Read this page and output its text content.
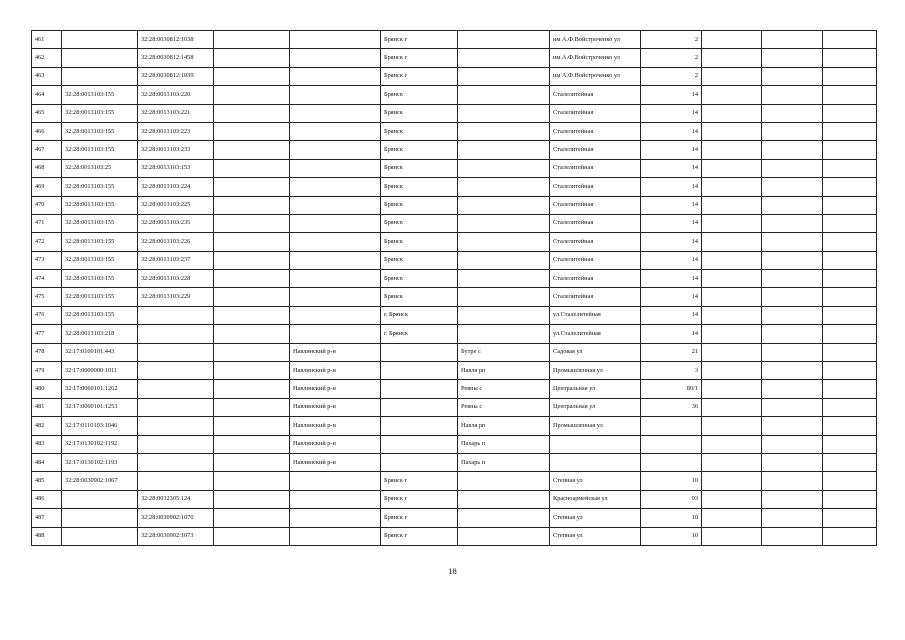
461		32:28:0030812:1038			Брянск г		им А.Ф.Войстроченко ул	2			
462		32:28:0030812:1458			Брянск г		им А.Ф.Войстроченко ул	2			
463		32:28:0030812:1039			Брянск г		им А.Ф.Войстроченко ул	2			
464	32:28:0013103:155	32:28:0013103:220			Брянск		Сталелитейная	14			
465	32:28:0013103:155	32:28:0013103:221			Брянск		Сталелитейная	14			
466	32:28:0013103:155	32:28:0013103:223			Брянск		Сталелитейная	14			
467	32:28:0013103:155	32:28:0013103:233			Брянск		Сталелитейная	14			
468	32:28:0013103:25	32:28:0013103:153			Брянск		Сталелитейная	14			
469	32:28:0013103:155	32:28:0013103:224			Брянск		Сталелитейная	14			
470	32:28:0013103:155	32:28:0013103:225			Брянск		Сталелитейная	14			
471	32:28:0013103:155	32:28:0013103:235			Брянск		Сталелитейная	14			
472	32:28:0013103:155	32:28:0013103:226			Брянск		Сталелитейная	14			
473	32:28:0013103:155	32:28:0013103:237			Брянск		Сталелитейная	14			
474	32:28:0013103:155	32:28:0013103:228			Брянск		Сталелитейная	14			
475	32:28:0013103:155	32:28:0013103:229			Брянск		Сталелитейная	14			
476	32:28:0013103:155				г. Брянск		ул.Сталелитейная	14			
477	32:28:0013103:218				г. Брянск		ул.Сталелитейная	14			
478	32:17:0100101:443			Навлинский р-н		Бутре с	Садовая ул	21			
479	32:17:0000000:1011			Навлинский р-н		Навля рп	Промышленная ул	3			
480	32:17:0060101:1262			Навлинский р-н		Ревны с	Центральная ул	80/1			
481	32:17:0060101:1253			Навлинский р-н		Ревны с	Центральная ул	36			
482	32:17:0110103:1046			Навлинский р-н		Навля рп	Промышленная ул				
483	32:17:0130102:1192			Навлинский р-н		Пахарь п					
484	32:17:0130102:1193			Навлинский р-н		Пахарь п					
485	32:28:0030902:1067				Брянск г		Степная ул	10			
486		32:28:0032305:124			Брянск г		Красноармейская ул	93			
487		32:28:0030902:1070			Брянск г		Степная ул	10			
488		32:28:0030902:1073			Брянск г		Степная ул	10			
18
